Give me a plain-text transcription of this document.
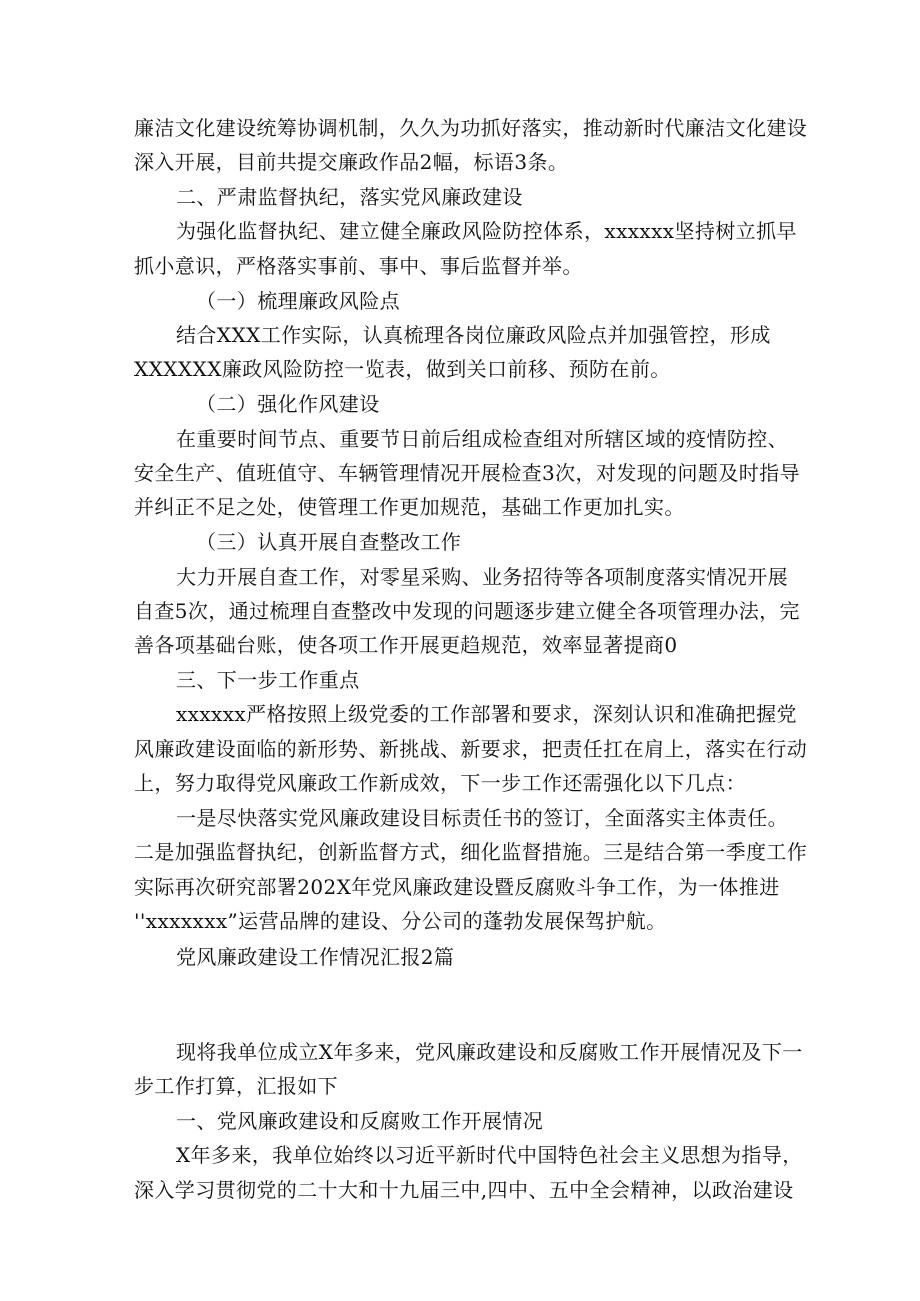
廉洁文化建设统筹协调机制，久久为功抓好落实，推动新时代廉洁文化建设
深入开展，目前共提交廉政作品2幅，标语3条。
二、严肃监督执纪，落实党风廉政建设
为强化监督执纪、建立健全廉政风险防控体系，xxxxxx坚持树立抓早
抓小意识，严格落实事前、事中、事后监督并举。
（一）梳理廉政风险点
结合XXX工作实际，认真梳理各岗位廉政风险点并加强管控，形成
XXXXXX廉政风险防控一览表，做到关口前移、预防在前。
（二）强化作风建设
在重要时间节点、重要节日前后组成检查组对所辖区域的疫情防控、
安全生产、值班值守、车辆管理情况开展检查3次，对发现的问题及时指导
并纠正不足之处，使管理工作更加规范，基础工作更加扎实。
（三）认真开展自查整改工作
大力开展自查工作，对零星采购、业务招待等各项制度落实情况开展
自查5次，通过梳理自查整改中发现的问题逐步建立健全各项管理办法，完
善各项基础台账，使各项工作开展更趋规范，效率显著提商0
三、下一步工作重点
xxxxxx严格按照上级党委的工作部署和要求，深刻认识和准确把握党
风廉政建设面临的新形势、新挑战、新要求，把责任扛在肩上，落实在行动
上，努力取得党风廉政工作新成效，下一步工作还需强化以下几点：
一是尽快落实党风廉政建设目标责任书的签订，全面落实主体责任。
二是加强监督执纪，创新监督方式，细化监督措施。三是结合第一季度工作
实际再次研究部署202X年党风廉政建设暨反腐败斗争工作，为一体推进
''xxxxxxx”运营品牌的建设、分公司的蓬勃发展保驾护航。
党风廉政建设工作情况汇报2篇
现将我单位成立X年多来，党风廉政建设和反腐败工作开展情况及下一
步工作打算，汇报如下
一、党风廉政建设和反腐败工作开展情况
X年多来，我单位始终以习近平新时代中国特色社会主义思想为指导，
深入学习贯彻党的二十大和十九届三中,四中、五中全会精神，以政治建设
